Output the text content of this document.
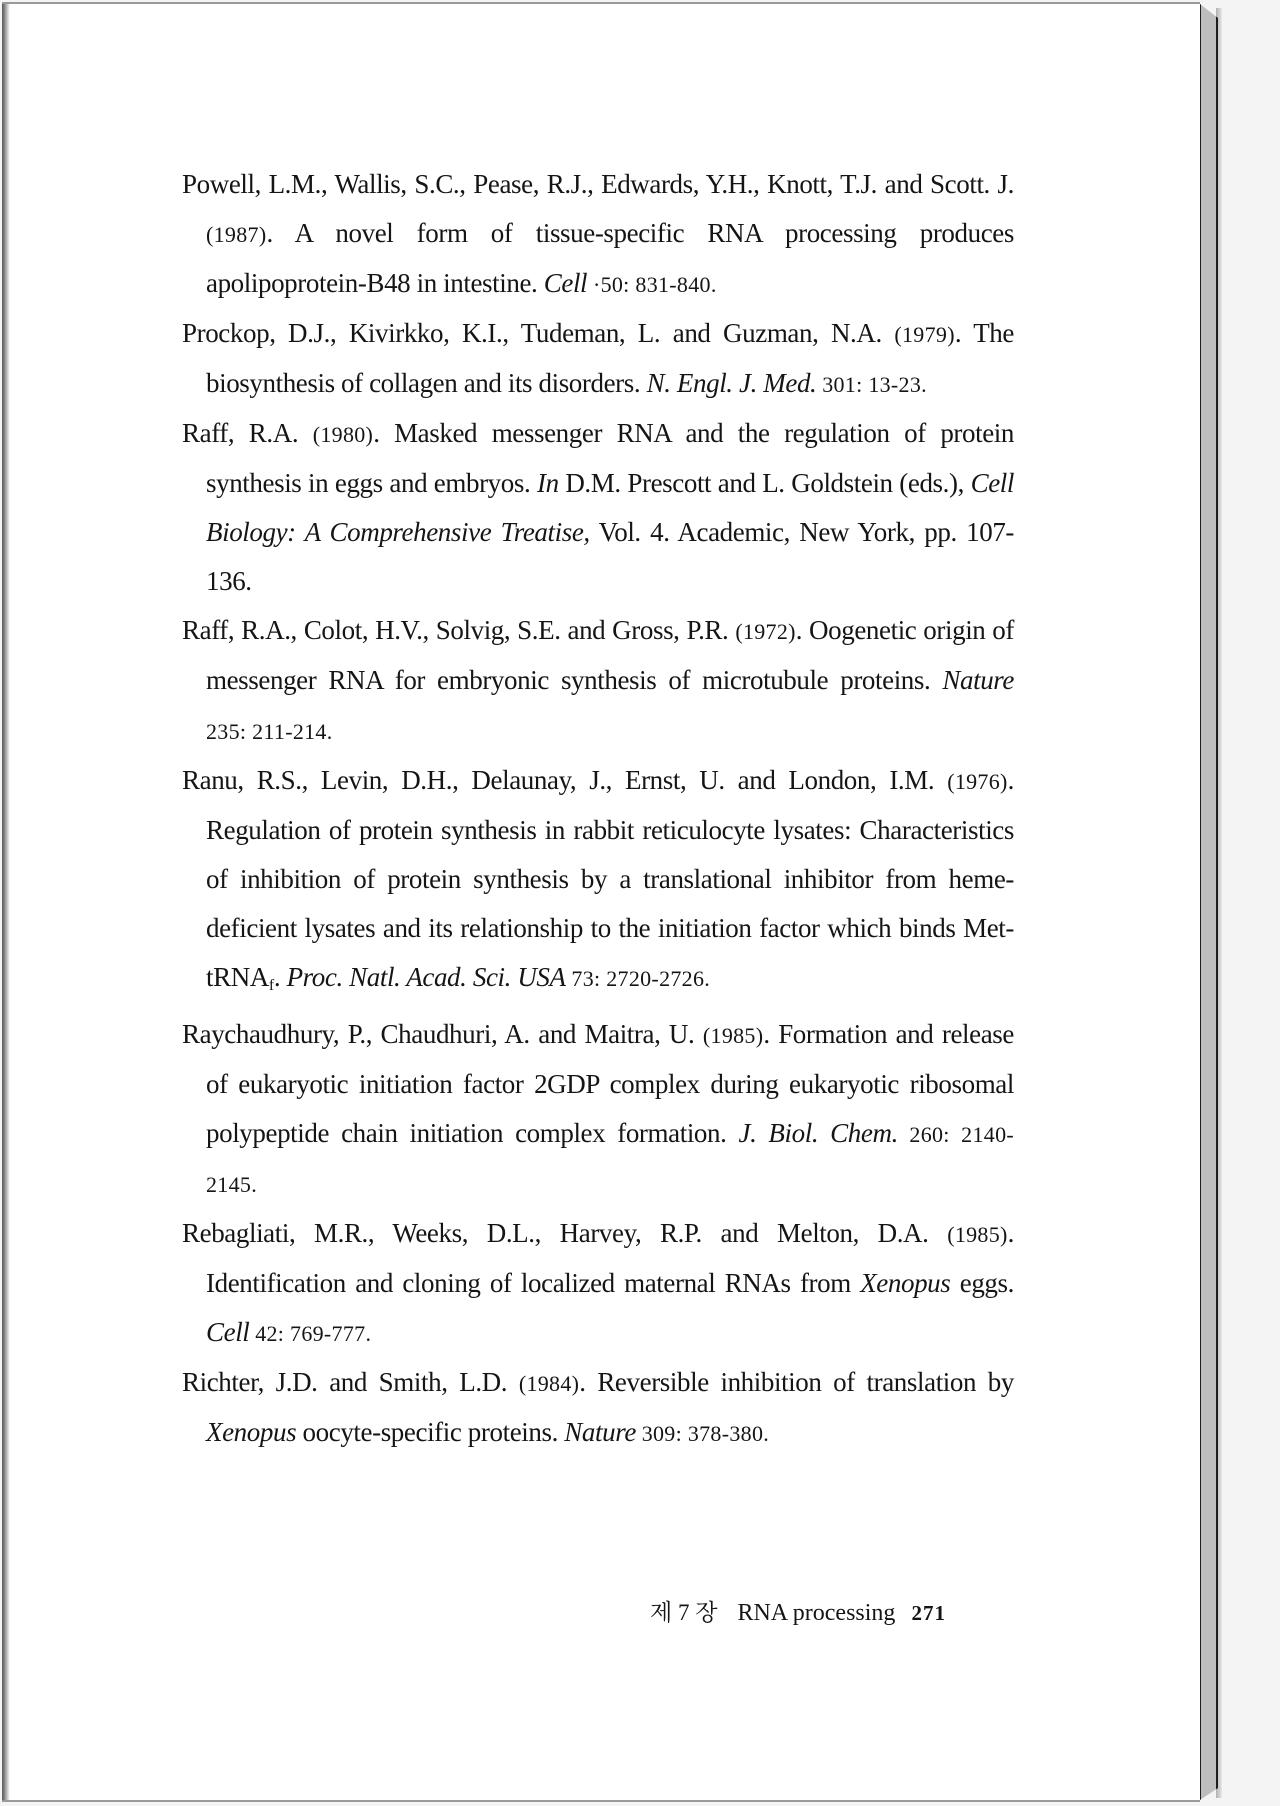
Powell, L.M., Wallis, S.C., Pease, R.J., Edwards, Y.H., Knott, T.J. and Scott. J. (1987). A novel form of tissue-specific RNA processing produces apolipoprotein-B48 in intestine. Cell ·50: 831-840.

Prockop, D.J., Kivirkko, K.I., Tudeman, L. and Guzman, N.A. (1979). The biosynthesis of collagen and its disorders. N. Engl. J. Med. 301: 13-23.

Raff, R.A. (1980). Masked messenger RNA and the regulation of protein synthesis in eggs and embryos. In D.M. Prescott and L. Goldstein (eds.), Cell Biology: A Comprehensive Treatise, Vol. 4. Academic, New York, pp. 107-136.

Raff, R.A., Colot, H.V., Solvig, S.E. and Gross, P.R. (1972). Oogenetic origin of messenger RNA for embryonic synthesis of microtubule proteins. Nature 235: 211-214.

Ranu, R.S., Levin, D.H., Delaunay, J., Ernst, U. and London, I.M. (1976). Regulation of protein synthesis in rabbit reticulocyte lysates: Characteristics of inhibition of protein synthesis by a translational inhibitor from heme-deficient lysates and its relationship to the initiation factor which binds Met-tRNA$_f$. Proc. Natl. Acad. Sci. USA 73: 2720-2726.

Raychaudhury, P., Chaudhuri, A. and Maitra, U. (1985). Formation and release of eukaryotic initiation factor 2GDP complex during eukaryotic ribosomal polypeptide chain initiation complex formation. J. Biol. Chem. 260: 2140-2145.

Rebagliati, M.R., Weeks, D.L., Harvey, R.P. and Melton, D.A. (1985). Identification and cloning of localized maternal RNAs from Xenopus eggs. Cell 42: 769-777.

Richter, J.D. and Smith, L.D. (1984). Reversible inhibition of translation by Xenopus oocyte-specific proteins. Nature 309: 378-380.

제 7 장 RNA processing 271
